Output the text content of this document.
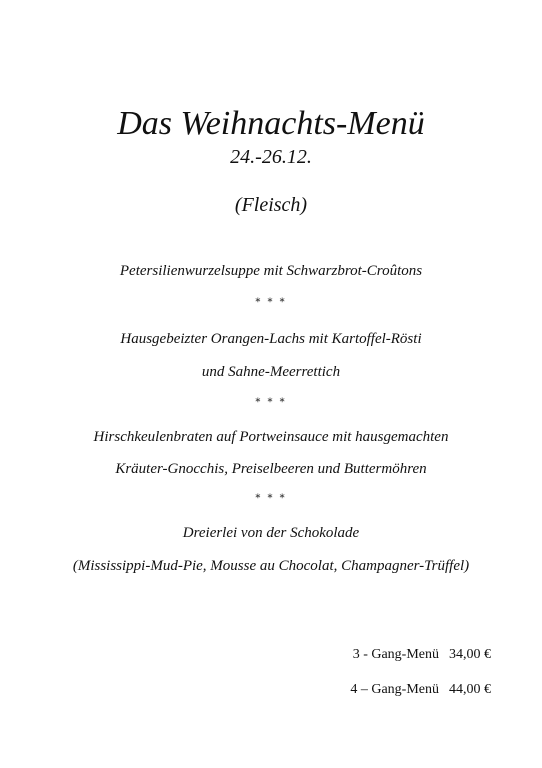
Das Weihnachts-Menü
24.-26.12.
(Fleisch)
Petersilienwurzelsuppe mit Schwarzbrot-Croûtons
* * *
Hausgebeizter Orangen-Lachs mit Kartoffel-Rösti
und Sahne-Meerrettich
* * *
Hirschkeulenbraten auf Portweinsauce mit hausgemachten
Kräuter-Gnocchis, Preiselbeeren und Buttermöhren
* * *
Dreierlei von der Schokolade
(Mississippi-Mud-Pie, Mousse au Chocolat, Champagner-Trüffel)
3 - Gang-Menü 34,00 €
4 – Gang-Menü 44,00 €
